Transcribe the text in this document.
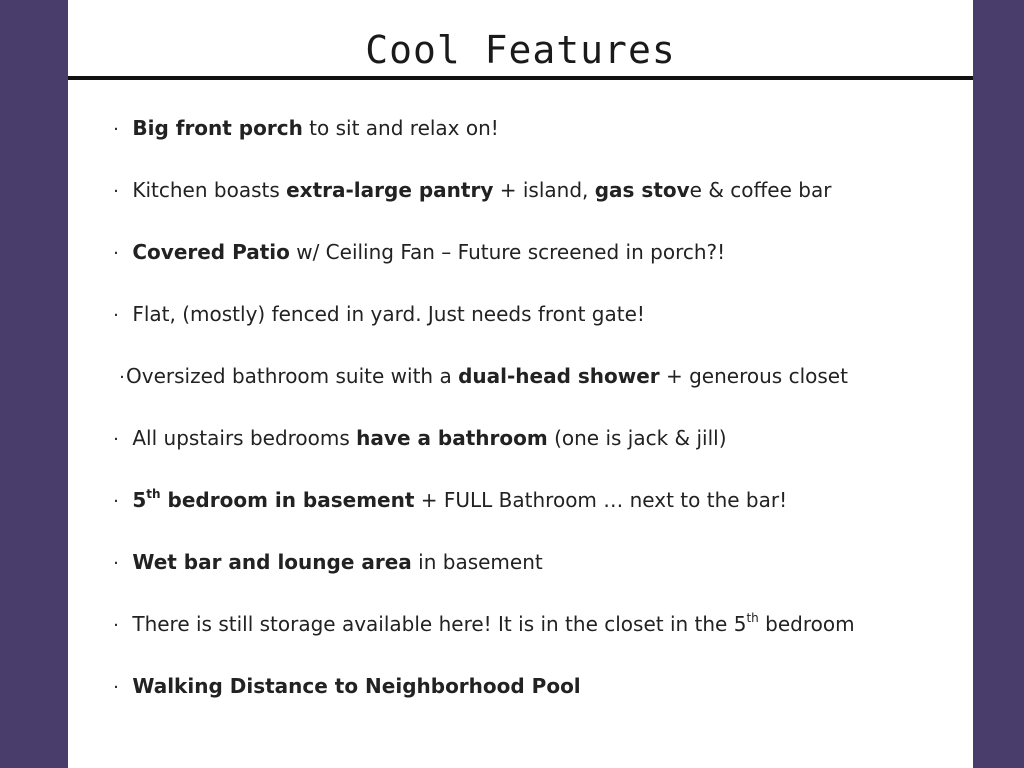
Cool Features
· Big front porch to sit and relax on!
· Kitchen boasts extra-large pantry + island, gas stove & coffee bar
· Covered Patio w/ Ceiling Fan – Future screened in porch?!
· Flat, (mostly) fenced in yard. Just needs front gate!
·Oversized bathroom suite with a dual-head shower + generous closet
· All upstairs bedrooms have a bathroom (one is jack & jill)
· 5th bedroom in basement + FULL Bathroom … next to the bar!
· Wet bar and lounge area in basement
· There is still storage available here! It is in the closet in the 5th bedroom
· Walking Distance to Neighborhood Pool
